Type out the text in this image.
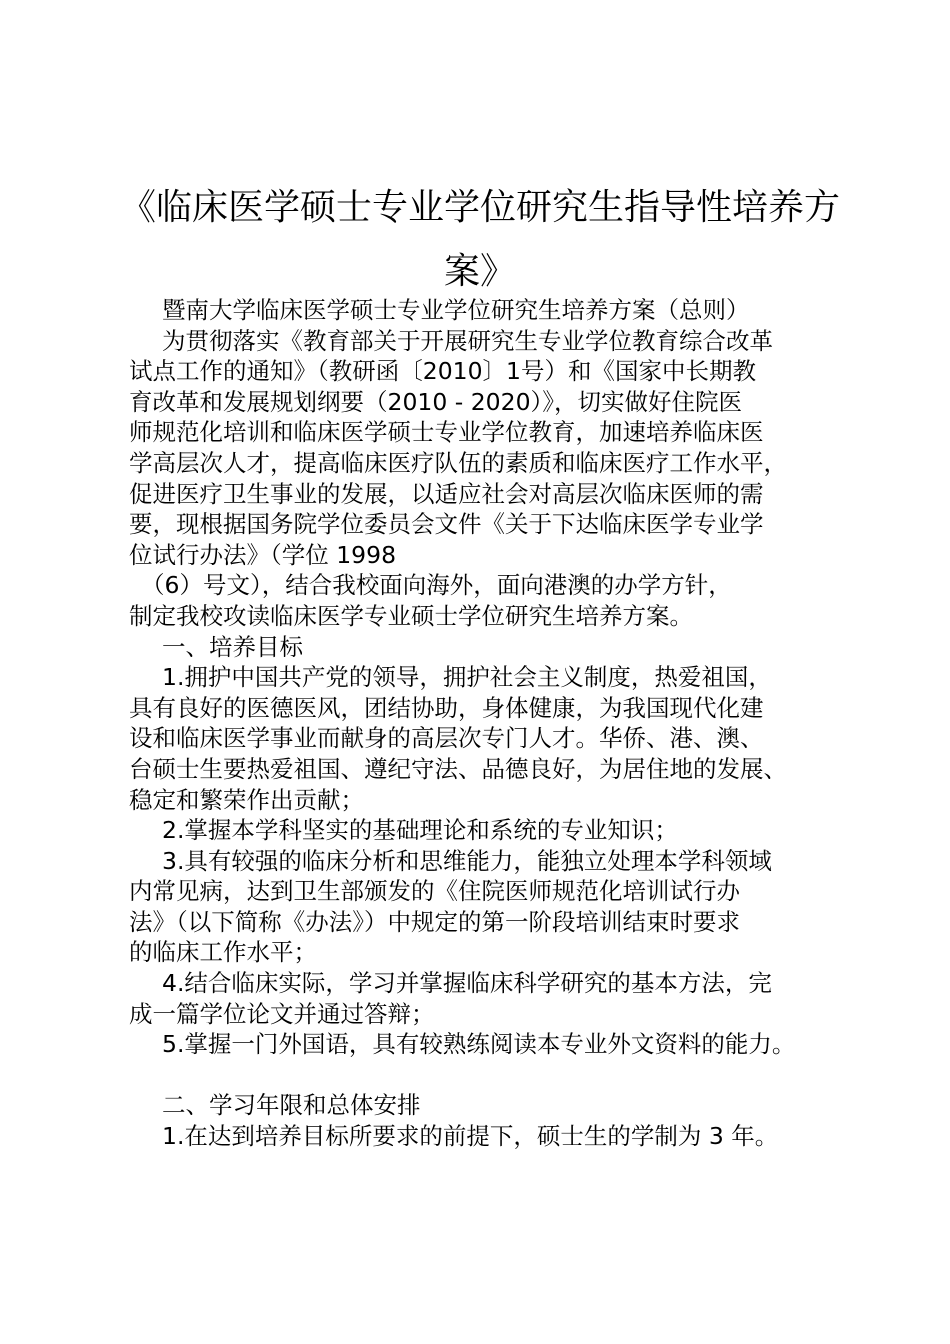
《临床医学硕士专业学位研究生指导性培养方
案》

暨南大学临床医学硕士专业学位研究生培养方案（总则）

为贯彻落实《教育部关于开展研究生专业学位教育综合改革

试点工作的通知》（教研函〔2010〕1号）和《国家中长期教

育改革和发展规划纲要（2010 - 2020）》，切实做好住院医

师规范化培训和临床医学硕士专业学位教育，加速培养临床医

学高层次人才，提高临床医疗队伍的素质和临床医疗工作水平，

促进医疗卫生事业的发展，以适应社会对高层次临床医师的需

要，现根据国务院学位委员会文件《关于下达临床医学专业学

位试行办法》（学位 1998

（6）号文），结合我校面向海外，面向港澳的办学方针，

制定我校攻读临床医学专业硕士学位研究生培养方案。

一、培养目标

1.拥护中国共产党的领导，拥护社会主义制度，热爱祖国，

具有良好的医德医风，团结协助，身体健康，为我国现代化建

设和临床医学事业而献身的高层次专门人才。华侨、港、澳、

台硕士生要热爱祖国、遵纪守法、品德良好，为居住地的发展、

稳定和繁荣作出贡献；

2.掌握本学科坚实的基础理论和系统的专业知识；

3.具有较强的临床分析和思维能力，能独立处理本学科领域

内常见病，达到卫生部颁发的《住院医师规范化培训试行办

法》（以下简称《办法》）中规定的第一阶段培训结束时要求

的临床工作水平；

4.结合临床实际，学习并掌握临床科学研究的基本方法，完

成一篇学位论文并通过答辩；

5.掌握一门外国语，具有较熟练阅读本专业外文资料的能力。

二、学习年限和总体安排

1.在达到培养目标所要求的前提下，硕士生的学制为 3 年。
